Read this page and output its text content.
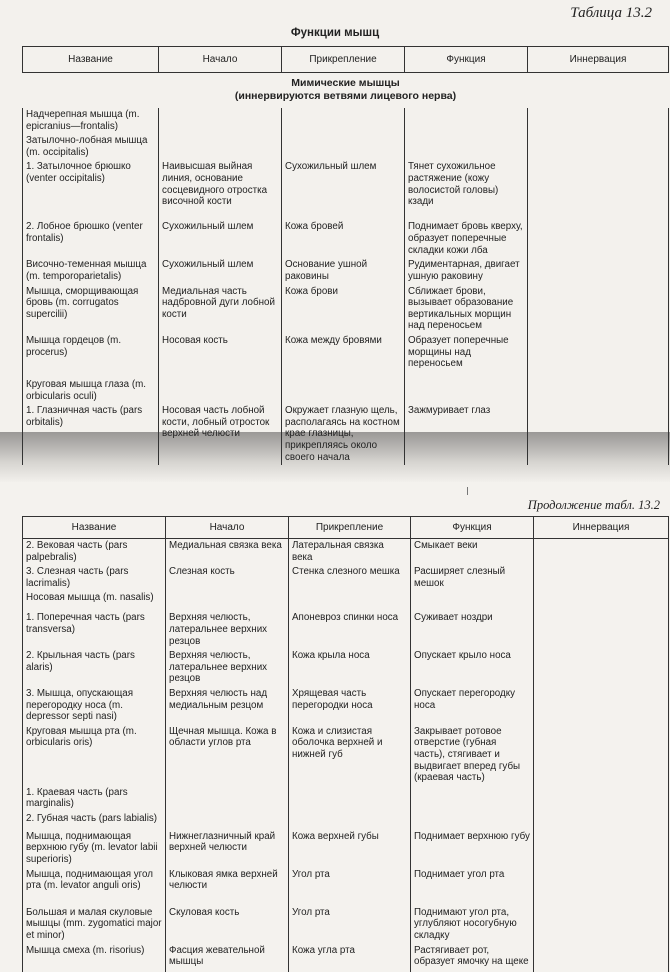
Таблица 13.2
Функции мышц
Название	Начало	Прикрепление	Функция	Иннервация

Мимические мышцы
(иннервируются ветвями лицевого нерва)				

Надчерепная мышца (m. epicranius—frontalis)				
Затылочно-лобная мышца (m. occipitalis)				
1. Затылочное брюшко (venter occipitalis)	Наивысшая выйная линия, основание сосцевидного отростка височной кости	Сухожильный шлем	Тянет сухожильное растяжение (кожу волосистой головы) кзади	
2. Лобное брюшко (venter frontalis)	Сухожильный шлем	Кожа бровей	Поднимает бровь кверху, образует поперечные складки кожи лба	
Височно-теменная мышца (m. temporoparietalis)	Сухожильный шлем	Основание ушной раковины	Рудиментарная, двигает ушную раковину	
Мышца, сморщивающая бровь (m. corrugatos supercilii)	Медиальная часть надбровной дуги лобной кости	Кожа брови	Сближает брови, вызывает образование вертикальных морщин над переносьем	
Мышца гордецов (m. procerus)	Носовая кость	Кожа между бровями	Образует поперечные морщины над переносьем	
Круговая мышца глаза (m. orbicularis oculi)				
1. Глазничная часть (pars orbitalis)	Носовая часть лобной кости, лобный отросток верхней челюсти	Окружает глазную щель, располагаясь на костном крае глазницы, прикрепляясь около своего начала	Зажмуривает глаз	
Продолжение табл. 13.2
Название	Начало	Прикрепление	Функция	Иннервация
2. Вековая часть (pars palpebralis)	Медиальная связка века	Латеральная связка века	Смыкает веки	
3. Слезная часть (pars lacrimalis)	Слезная кость	Стенка слезного мешка	Расширяет слезный мешок	
Носовая мышца (m. nasalis)				
1. Поперечная часть (pars transversa)	Верхняя челюсть, латеральнее верхних резцов	Апоневроз спинки носа	Суживает ноздри	
2. Крыльная часть (pars alaris)	Верхняя челюсть, латеральнее верхних резцов	Кожа крыла носа	Опускает крыло носа	
3. Мышца, опускающая перегородку носа (m. depressor septi nasi)	Верхняя челюсть над медиальным резцом	Хрящевая часть перегородки носа	Опускает перегородку носа	
Круговая мышца рта (m. orbicularis oris)	Щечная мышца. Кожа в области углов рта	Кожа и слизистая оболочка верхней и нижней губ	Закрывает ротовое отверстие (губная часть), стягивает и выдвигает вперед губы (краевая часть)	
1. Краевая часть (pars marginalis)				
2. Губная часть (pars labialis)				
Мышца, поднимающая верхнюю губу (m. levator labii superioris)	Нижнеглазничный край верхней челюсти	Кожа верхней губы	Поднимает верхнюю губу	
Мышца, поднимающая угол рта (m. levator anguli oris)	Клыковая ямка верхней челюсти	Угол рта	Поднимает угол рта	
Большая и малая скуловые мышцы (mm. zygomatici major et minor)	Скуловая кость	Угол рта	Поднимают угол рта, углубляют носогубную складку	
Мышца смеха (m. risorius)	Фасция жевательной мышцы	Кожа угла рта	Растягивает рот, образует ямочку на щеке	
